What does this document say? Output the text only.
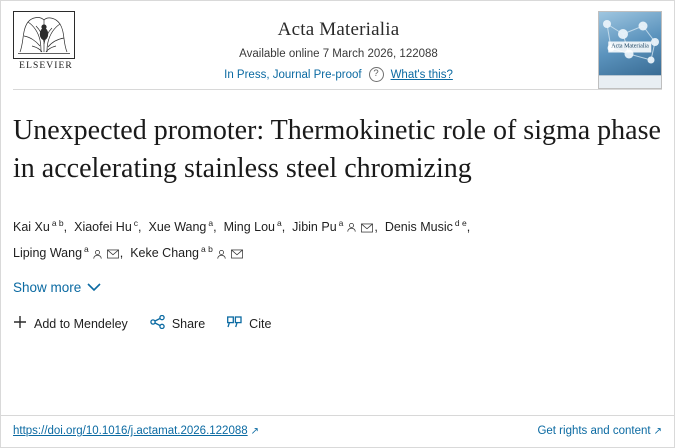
ELSEVIER
Acta Materialia
Available online 7 March 2026, 122088
In Press, Journal Pre-proof	?	What's this?
Acta Materialia
Unexpected promoter: Thermokinetic role of sigma phase in accelerating stainless steel chromizing
Kai Xu $^{a b}$,  Xiaofei Hu $^c$,  Xue Wang $^a$,  Ming Lou $^a$,  Jibin Pu $^a$ ,  Denis Music $^{d e}$,
Liping Wang $^a$ ,  Keke Chang $^{a b}$
Show more
Add to Mendeley	Share	Cite
https://doi.org/10.1016/j.actamat.2026.122088 ↗	Get rights and content ↗
